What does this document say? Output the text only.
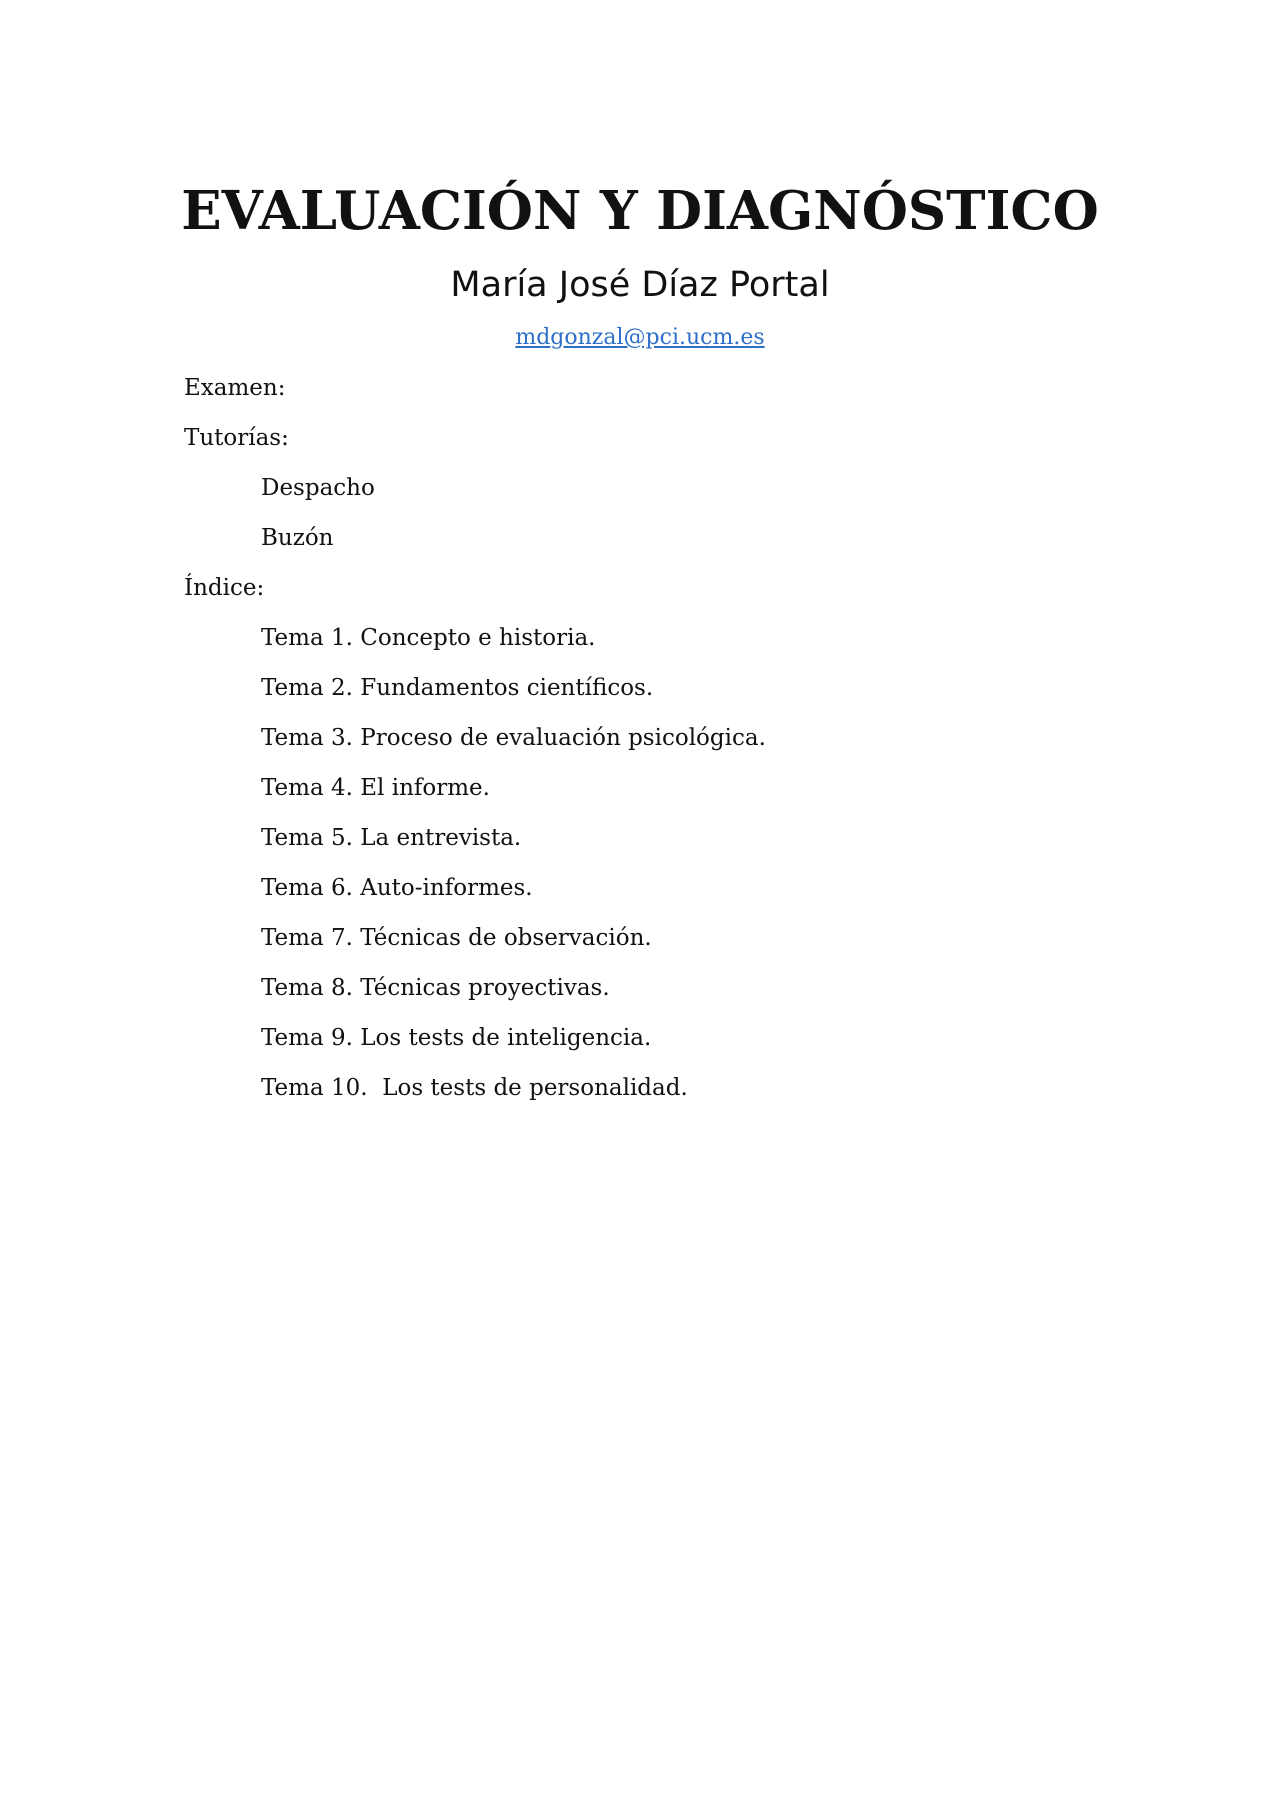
EVALUACIÓN Y DIAGNÓSTICO

María José Díaz Portal

mdgonzal@pci.ucm.es

Examen:

Tutorías:

Despacho

Buzón

Índice:

Tema 1. Concepto e historia.

Tema 2. Fundamentos científicos.

Tema 3. Proceso de evaluación psicológica.

Tema 4. El informe.

Tema 5. La entrevista.

Tema 6. Auto-informes.

Tema 7. Técnicas de observación.

Tema 8. Técnicas proyectivas.

Tema 9. Los tests de inteligencia.

Tema 10.  Los tests de personalidad.
